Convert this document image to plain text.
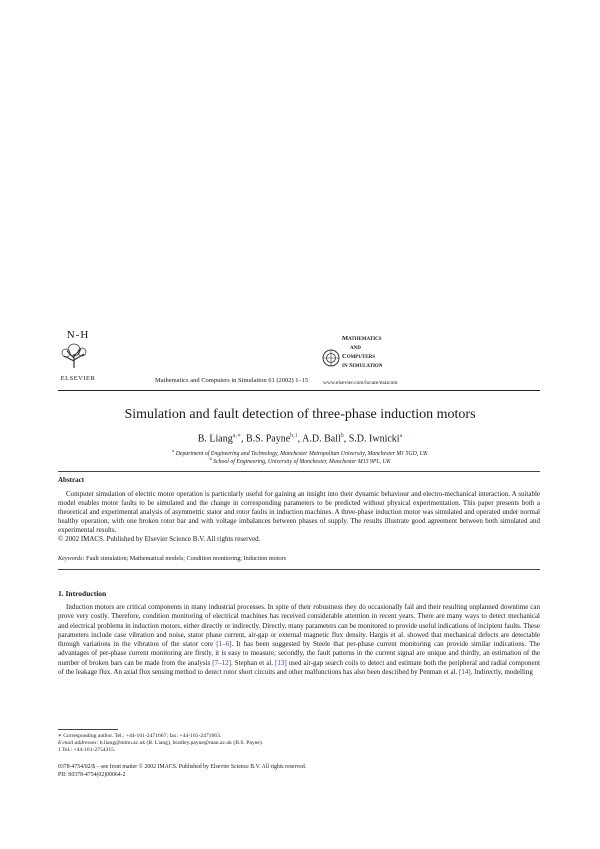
N-H
ELSEVIER	Mathematics and Computers in Simulation 61 (2002) 1–15
Mathematics
and
Computers
in Simulation
www.elsevier.com/locate/matcom
Simulation and fault detection of three-phase induction motors
B. Liang$^{a,∗}$, B.S. Payne$^{b,1}$, A.D. Ball$^b$, S.D. Iwnicki$^a$
$^a$ Department of Engineering and Technology, Manchester Metropolitan University, Manchester M1 5GD, UK
$^b$ School of Engineering, University of Manchester, Manchester M13 9PL, UK
Abstract
Computer simulation of electric motor operation is particularly useful for gaining an insight into their dynamic behaviour and electro-mechanical interaction. A suitable model enables motor faults to be simulated and the change in corresponding parameters to be predicted without physical experimentation. This paper presents both a theoretical and experimental analysis of asymmetric stator and rotor faults in induction machines. A three-phase induction motor was simulated and operated under normal healthy operation, with one broken rotor bar and with voltage imbalances between phases of supply. The results illustrate good agreement between both simulated and experimental results.
© 2002 IMACS. Published by Elsevier Science B.V. All rights reserved.
Keywords: Fault simulation; Mathematical models; Condition monitoring; Induction motors
1. Introduction
Induction motors are critical components in many industrial processes. In spite of their robustness they do occasionally fail and their resulting unplanned downtime can prove very costly. Therefore, condition monitoring of electrical machines has received considerable attention in recent years. There are many ways to detect mechanical and electrical problems in induction motors, either directly or indirectly. Directly, many parameters can be monitored to provide useful indications of incipient faults. These parameters include case vibration and noise, stator phase current, air-gap or external magnetic flux density. Hargis et al. showed that mechanical defects are detectable through variations in the vibration of the stator core [1–6]. It has been suggested by Steele that per-phase current monitoring can provide similar indications. The advantages of per-phase current monitoring are firstly, it is easy to measure; secondly, the fault patterns in the current signal are unique and thirdly, an estimation of the number of broken bars can be made from the analysis [7–12]. Stephan et al. [13] used air-gap search coils to detect and estimate both the peripheral and radial component of the leakage flux. An axial flux sensing method to detect rotor short circuits and other malfunctions has also been described by Penman et al. [14]. Indirectly, modelling
∗ Corresponding author. Tel.: +44-161-2471667; fax: +44-161-2471663.
E-mail addresses: b.liang@mmu.ac.uk (B. Liang), bradley.payne@man.ac.uk (B.S. Payne).
1 Tel.: +44-161-2754315.
0378-4754/02/$ – see front matter © 2002 IMACS. Published by Elsevier Science B.V. All rights reserved.
PII: S0378-4754(02)00064-2
